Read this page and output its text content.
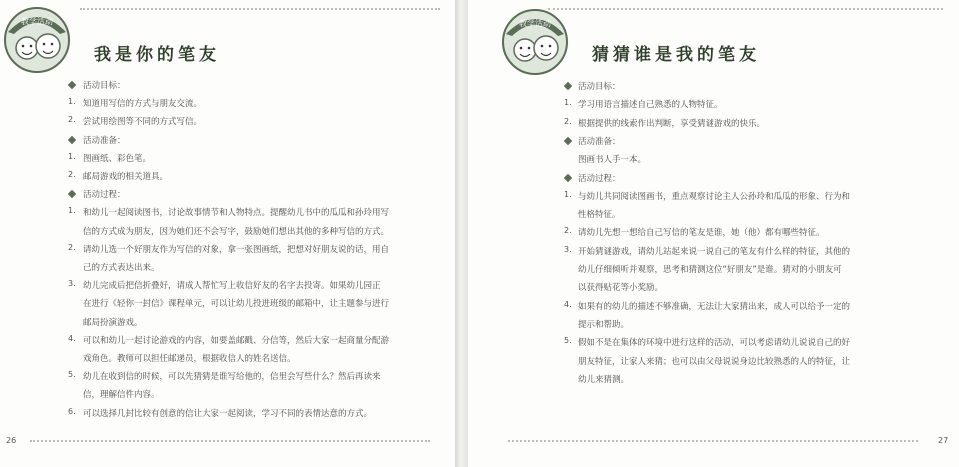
教学活动
我是你的笔友
活动目标：
1. 知道用写信的方式与朋友交流。
2. 尝试用绘图等不同的方式写信。
活动准备：
1. 图画纸、彩色笔。
2. 邮局游戏的相关道具。
活动过程：
1. 和幼儿一起阅读图书，讨论故事情节和人物特点。提醒幼儿书中的瓜瓜和孙玲用写
信的方式成为朋友，因为她们还不会写字，鼓励她们想出其他的多种写信的方式。
2. 请幼儿选一个好朋友作为写信的对象，拿一张图画纸，把想对好朋友说的话，用自
己的方式表达出来。
3. 幼儿完成后把信折叠好，请成人帮忙写上收信好友的名字去投寄。如果幼儿园正
在进行《轻你一封信》课程单元，可以让幼儿投进班级的邮箱中，让主题参与进行
邮局扮演游戏。
4. 可以和幼儿一起讨论游戏的内容，如要盖邮戳、分信等，然后大家一起商量分配游
戏角色。教师可以担任邮递员，根据收信人的姓名送信。
5. 幼儿在收到信的时候，可以先猜猜是谁写给他的，信里会写些什么？然后再读来
信，理解信件内容。
6. 可以选择几封比较有创意的信让大家一起阅读，学习不同的表情达意的方式。
26
教学活动
猜猜谁是我的笔友
活动目标：
1. 学习用语言描述自己熟悉的人物特征。
2. 根据提供的线索作出判断，享受猜谜游戏的快乐。
活动准备：
图画书人手一本。
活动过程：
1. 与幼儿共同阅读图画书，重点观察讨论主人公孙玲和瓜瓜的形象、行为和
性格特征。
2. 请幼儿先想一想给自己写信的笔友是谁，她（他）都有哪些特征。
3. 开始猜谜游戏，请幼儿站起来说一说自己的笔友有什么样的特征，其他的
幼儿仔细倾听并观察，思考和猜测这位“好朋友”是谁。猜对的小朋友可
以获得贴花等小奖励。
4. 如果有的幼儿的描述不够准确，无法让大家猜出来，成人可以给予一定的
提示和帮助。
5. 假如不是在集体的环境中进行这样的活动，可以考虑请幼儿说说自己的好
朋友特征，让家人来猜；也可以由父母说说身边比较熟悉的人的特征，让
幼儿来猜测。
27
